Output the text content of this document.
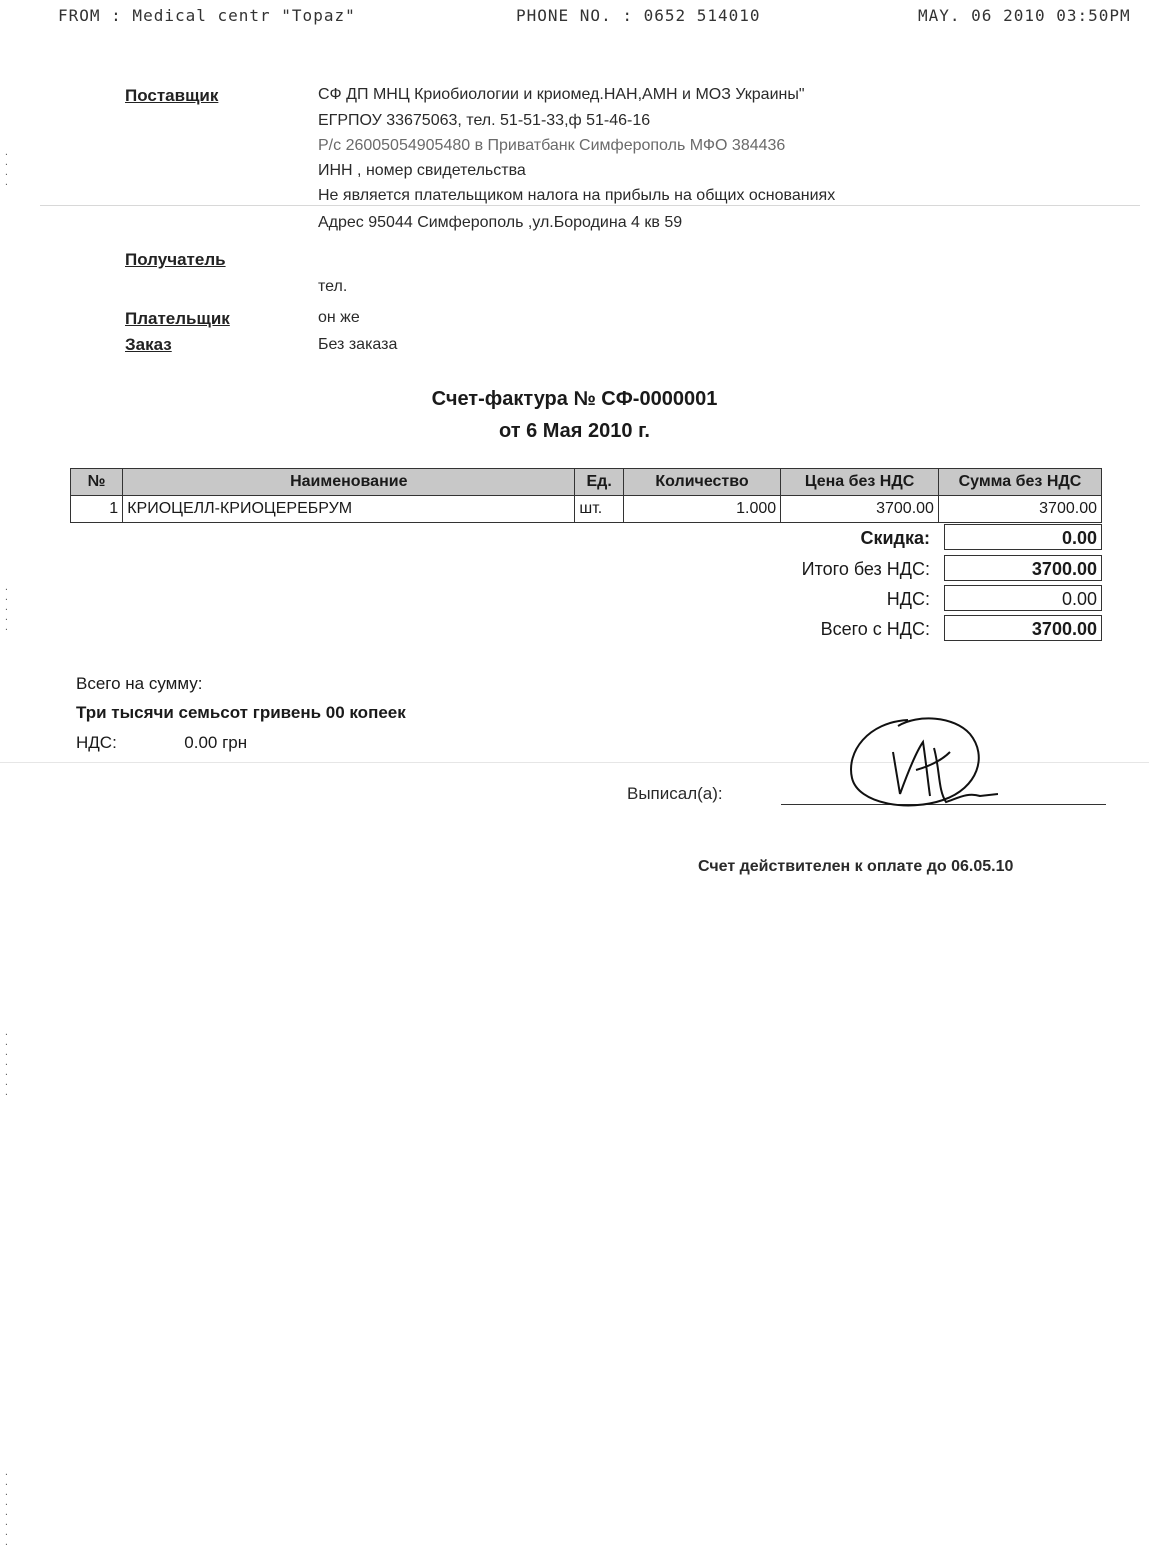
FROM : Medical centr "Topaz"	PHONE NO. : 0652 514010	MAY. 06 2010 03:50PM
·
·
·
·
·
·
·
·
·
·
·
·
·
·
·
·
·
·
·
·
·
·
·
·
Поставщик	СФ ДП МНЦ Криобиологии и криомед.НАН,АМН и МОЗ Украины"
ЕГРПОУ 33675063, тел. 51-51-33,ф 51-46-16
Р/с 26005054905480 в Приватбанк Симферополь МФО 384436
ИНН , номер свидетельства
Не является плательщиком налога на прибыль на общих основаниях
Адрес 95044 Симферополь ,ул.Бородина 4 кв 59
Получатель
тел.
Плательщик	он же
Заказ	Без заказа
Счет-фактура № СФ-0000001
от 6 Мая 2010 г.
№	Наименование	Ед.	Количество	Цена без НДС	Сумма без НДС
1	КРИОЦЕЛЛ-КРИОЦЕРЕБРУМ	шт.	1.000	3700.00	3700.00
Скидка:	0.00
Итого без НДС:	3700.00
НДС:	0.00
Всего с НДС:	3700.00
Всего на сумму:
Три тысячи семьсот гривень 00 копеек
НДС:	0.00 грн
Выписал(а):
Счет действителен к оплате до 06.05.10
